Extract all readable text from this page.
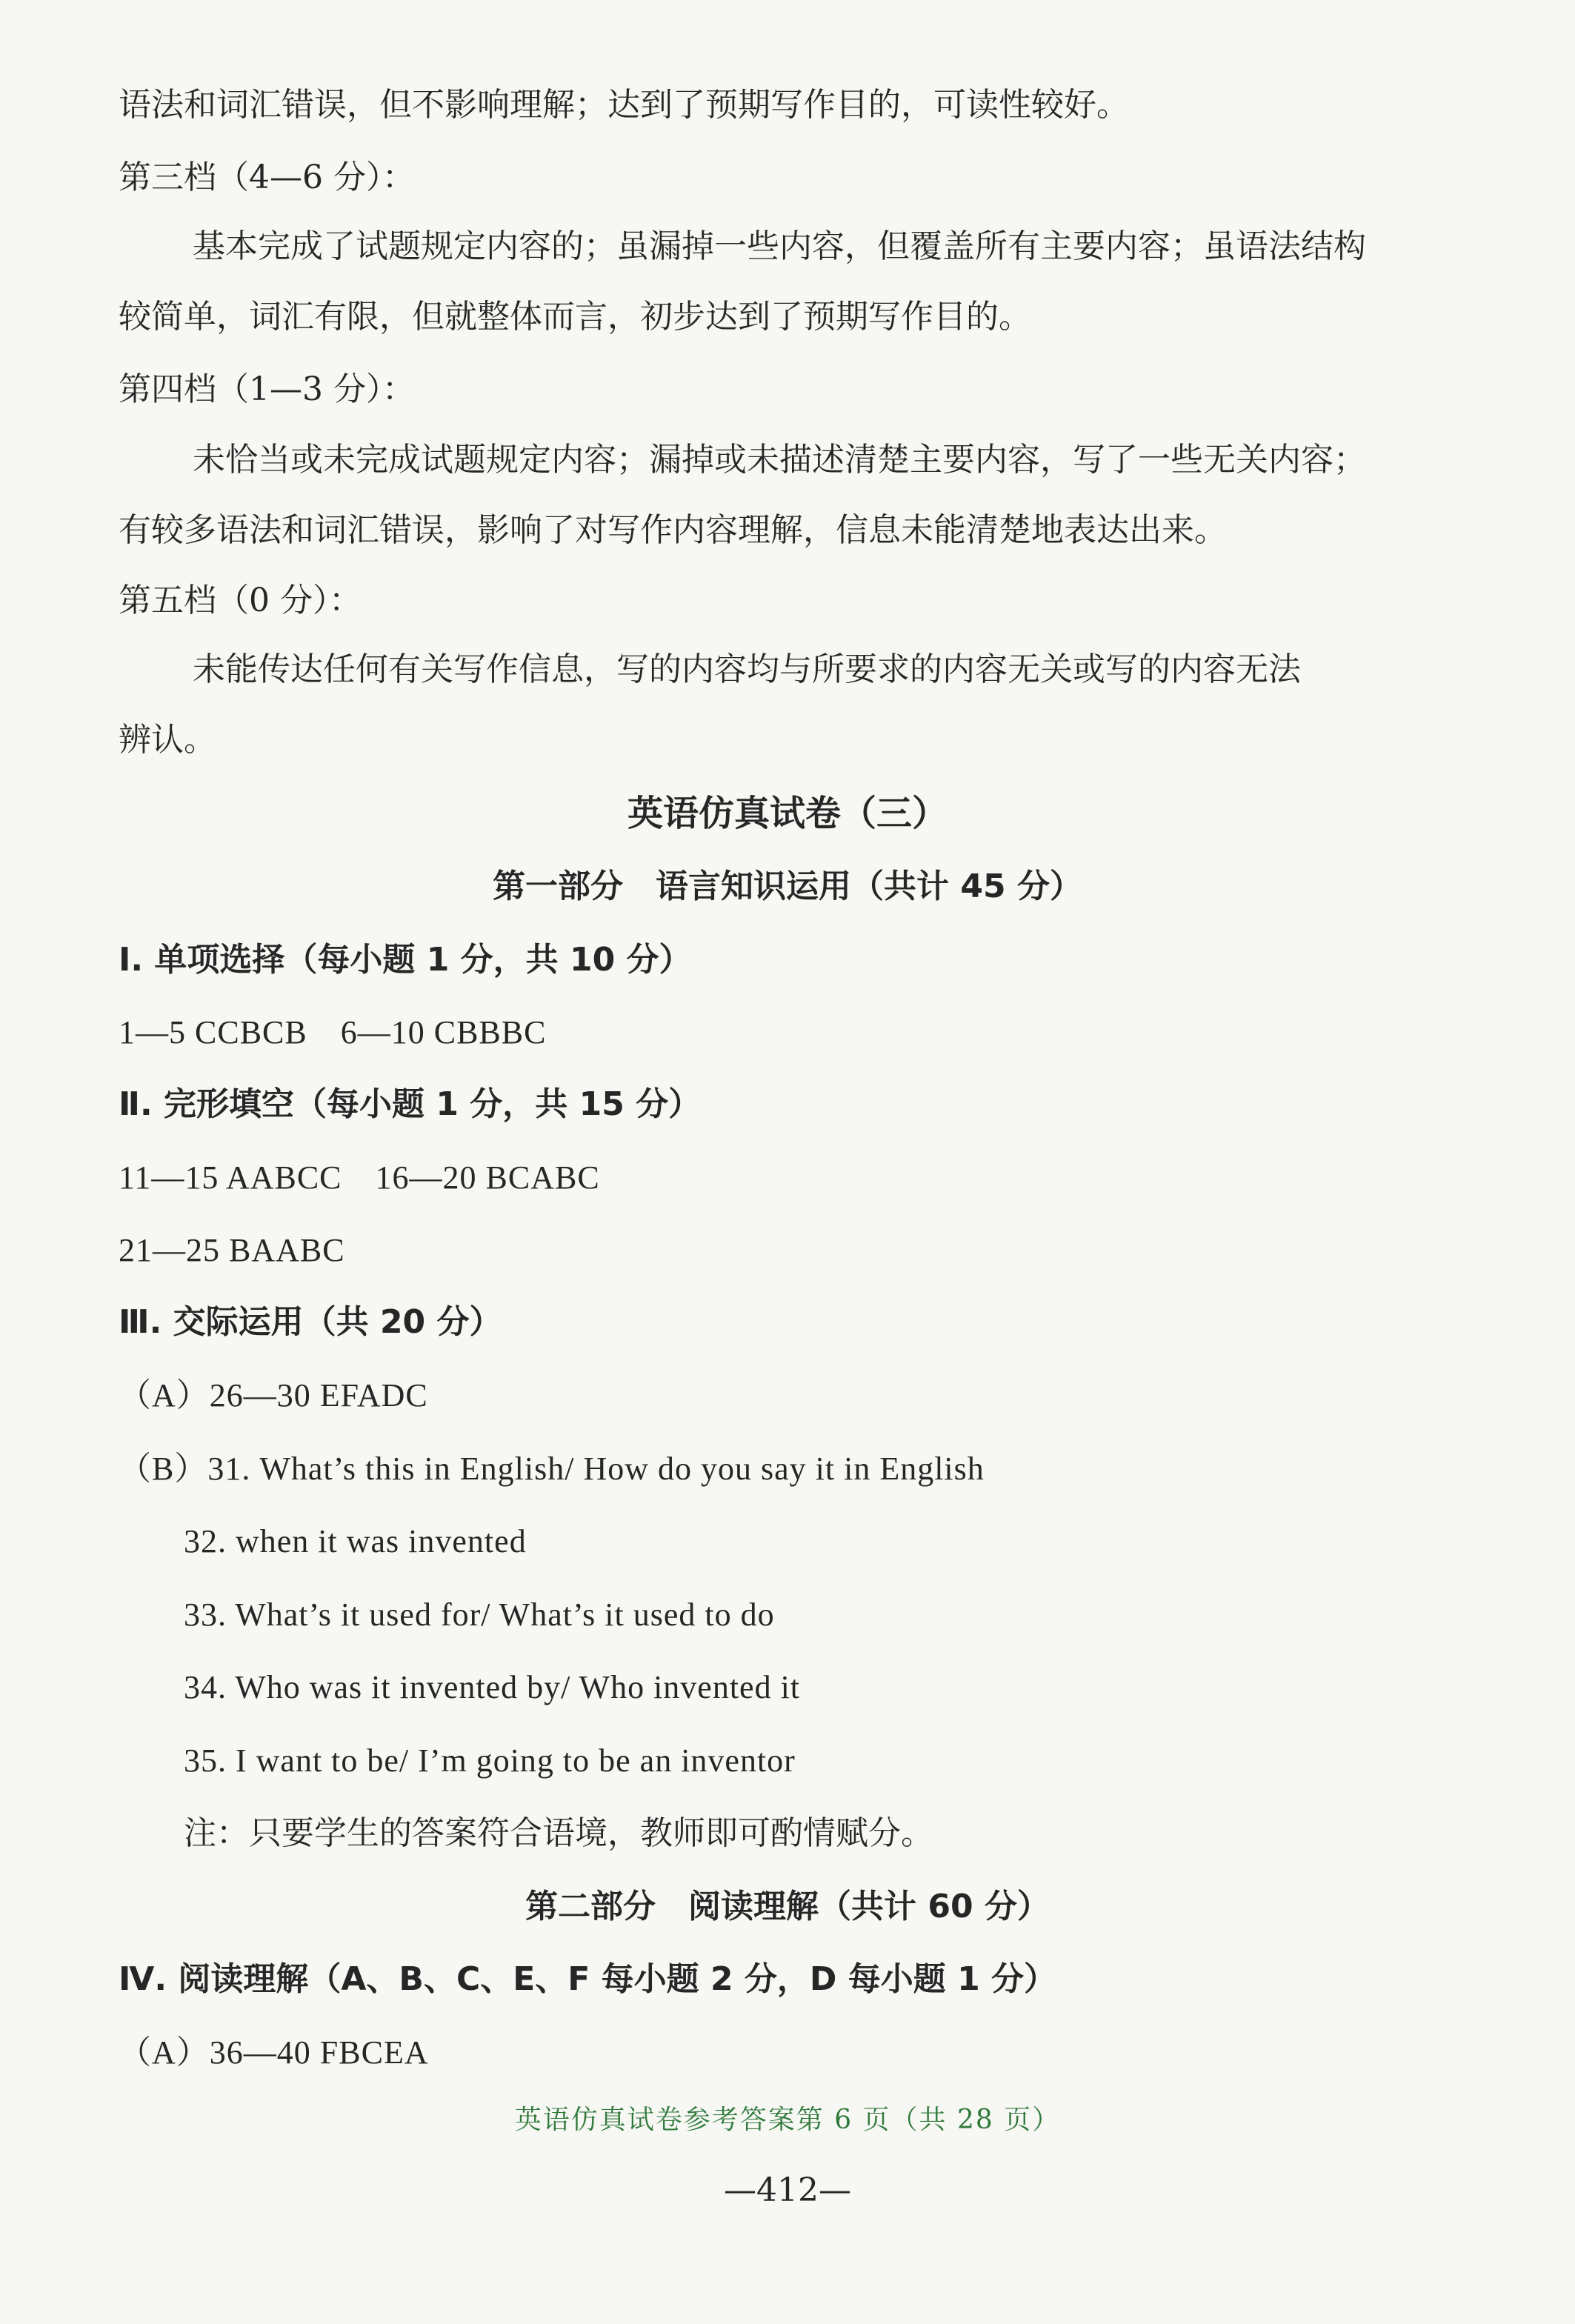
语法和词汇错误，但不影响理解；达到了预期写作目的，可读性较好。
第三档（4—6 分）：
基本完成了试题规定内容的；虽漏掉一些内容，但覆盖所有主要内容；虽语法结构
较简单，词汇有限，但就整体而言，初步达到了预期写作目的。
第四档（1—3 分）：
未恰当或未完成试题规定内容；漏掉或未描述清楚主要内容，写了一些无关内容；
有较多语法和词汇错误，影响了对写作内容理解，信息未能清楚地表达出来。
第五档（0 分）：
未能传达任何有关写作信息，写的内容均与所要求的内容无关或写的内容无法
辨认。
英语仿真试卷（三）
第一部分　语言知识运用（共计 45 分）
Ⅰ. 单项选择（每小题 1 分，共 10 分）
1—5 CCBCB　6—10 CBBBC
Ⅱ. 完形填空（每小题 1 分，共 15 分）
11—15 AABCC　16—20 BCABC
21—25 BAABC
Ⅲ. 交际运用（共 20 分）
（A）26—30 EFADC
（B）31. What’s this in English/ How do you say it in English
32. when it was invented
33. What’s it used for/ What’s it used to do
34. Who was it invented by/ Who invented it
35. I want to be/ I’m going to be an inventor
注：只要学生的答案符合语境，教师即可酌情赋分。
第二部分　阅读理解（共计 60 分）
Ⅳ. 阅读理解（A、B、C、E、F 每小题 2 分，D 每小题 1 分）
（A）36—40 FBCEA
英语仿真试卷参考答案第 6 页（共 28 页）
—412—
